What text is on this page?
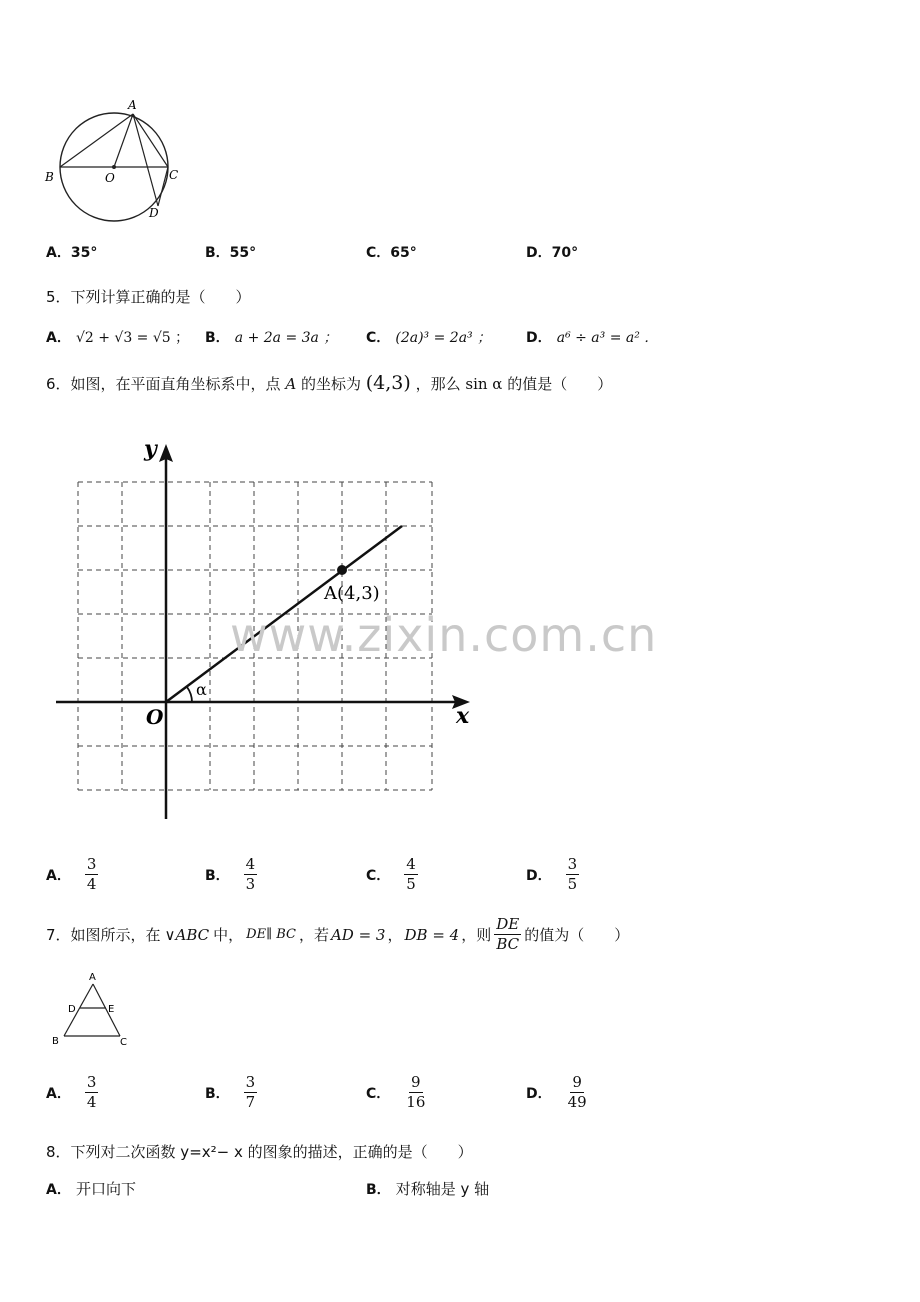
A
B	O	C
D
A．35°	B．55°	C．65°	D．70°
5．下列计算正确的是（　　）
A． √2 + √3 = √5 ； B． a + 2a = 3a ； C． (2a)³ = 2a³ ； D． a⁶ ÷ a³ = a² ．
6．如图，在平面直角坐标系中，点 A 的坐标为 (4,3) ，那么 sin α 的值是（　　）
y
x
O
α
A(4,3)
www.zixin.com.cn
A． $\frac{3}{4}$	B． $\frac{4}{3}$	C． $\frac{4}{5}$	D． $\frac{3}{5}$
7．如图所示，在 ∨ABC 中， DE∥ BC ，若 AD = 3 ， DB = 4 ，则 $\frac{DE}{BC}$ 的值为（　　）
A
D	E
B	C
A． $\frac{3}{4}$	B． $\frac{3}{7}$	C． $\frac{9}{16}$	D． $\frac{9}{49}$
8．下列对二次函数 y=x²− x 的图象的描述，正确的是（　　）
A． 开口向下	B． 对称轴是 y 轴
